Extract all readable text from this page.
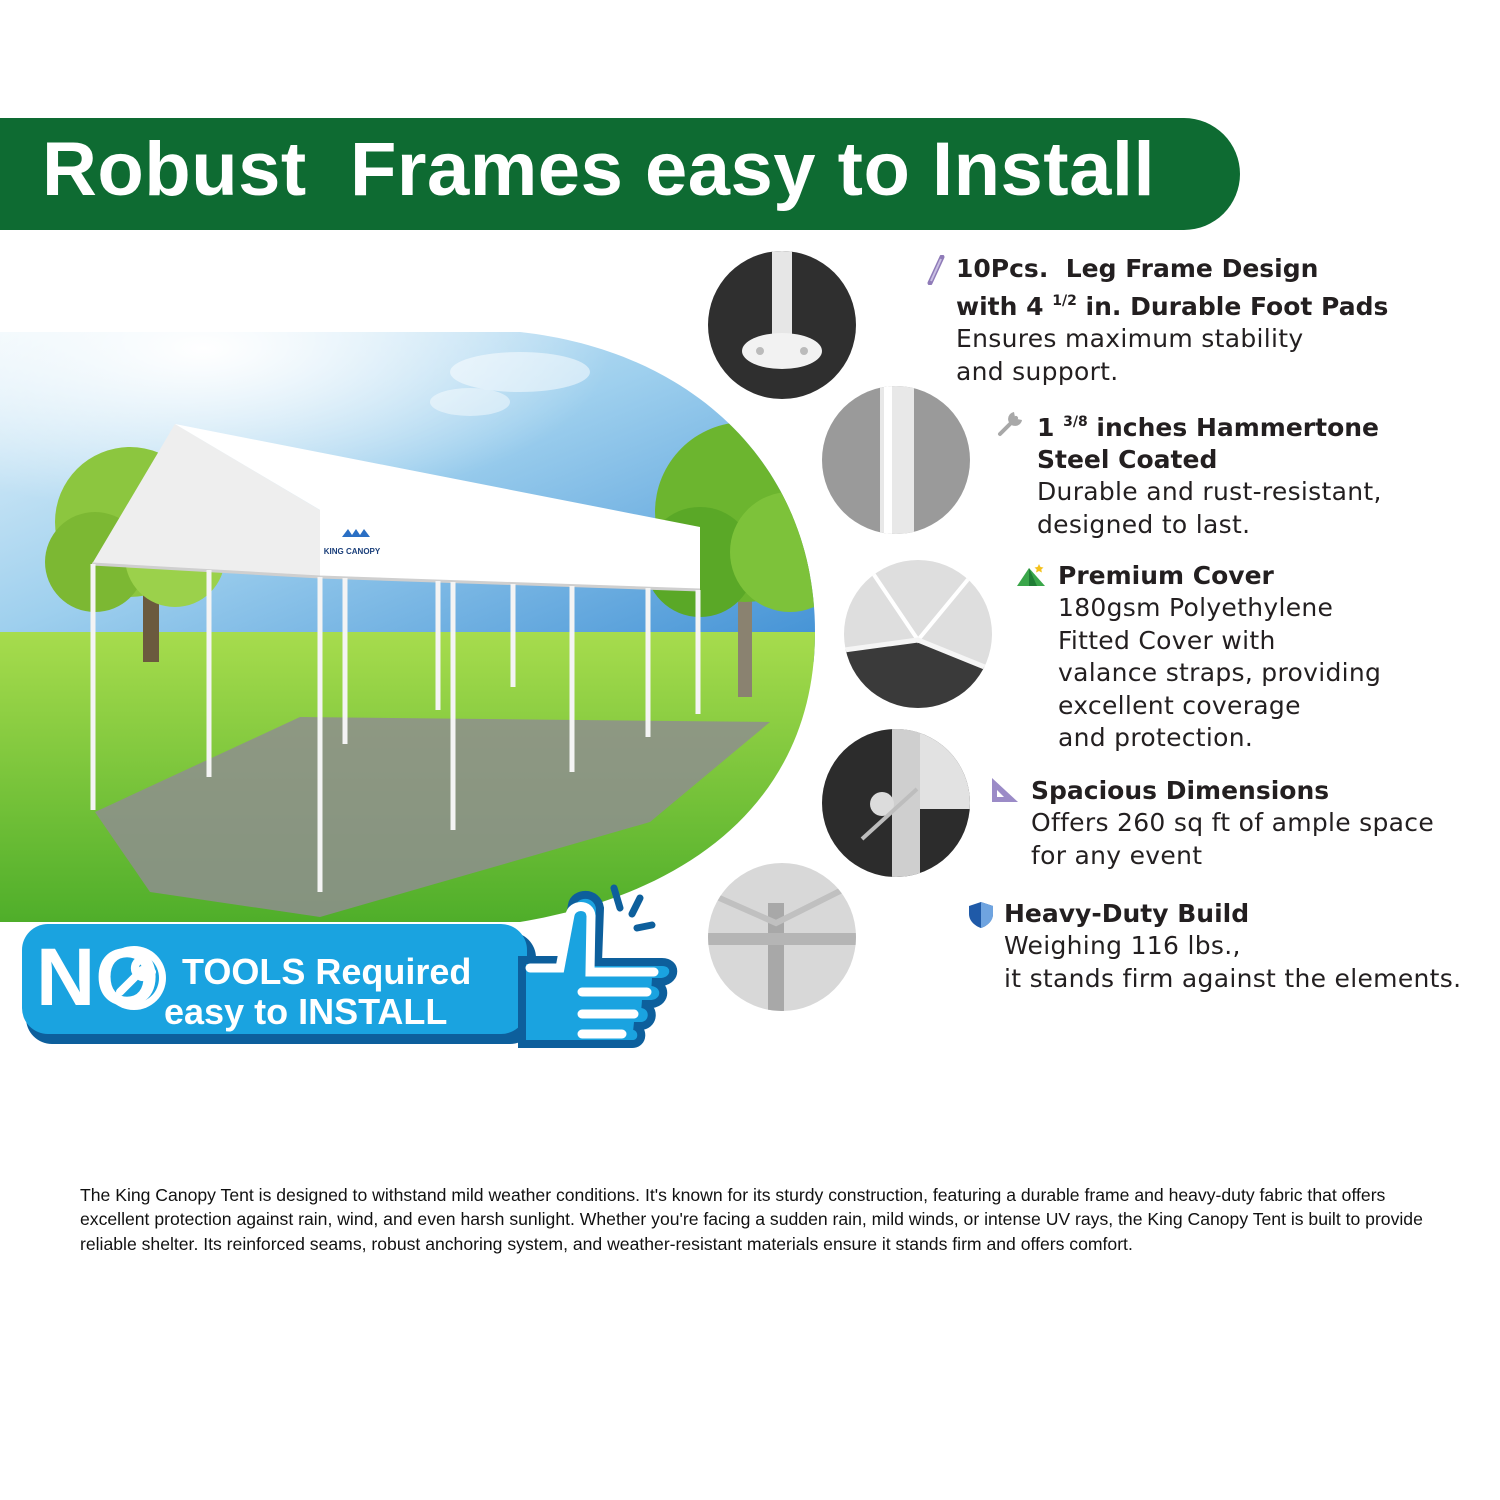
Robust  Frames easy to Install
KING CANOPY
NO TOOLS Required
easy to INSTALL
10Pcs.  Leg Frame Design
with 4 $^{1/2}$ in. Durable Foot Pads
Ensures maximum stability
and support.
1 $^{3/8}$ inches Hammertone
Steel Coated
Durable and rust-resistant,
designed to last.
Premium Cover
180gsm Polyethylene
Fitted Cover with
valance straps, providing
excellent coverage
and protection.
Spacious Dimensions
Offers 260 sq ft of ample space
for any event
Heavy-Duty Build
Weighing 116 lbs.,
it stands firm against the elements.
The King Canopy Tent is designed to withstand mild weather conditions. It's known for its sturdy construction, featuring a durable frame and heavy-duty fabric that offers excellent protection against rain, wind, and even harsh sunlight. Whether you're facing a sudden rain, mild winds, or intense UV rays, the King Canopy Tent is built to provide reliable shelter. Its reinforced seams, robust anchoring system, and weather-resistant materials ensure it stands firm and offers comfort.
